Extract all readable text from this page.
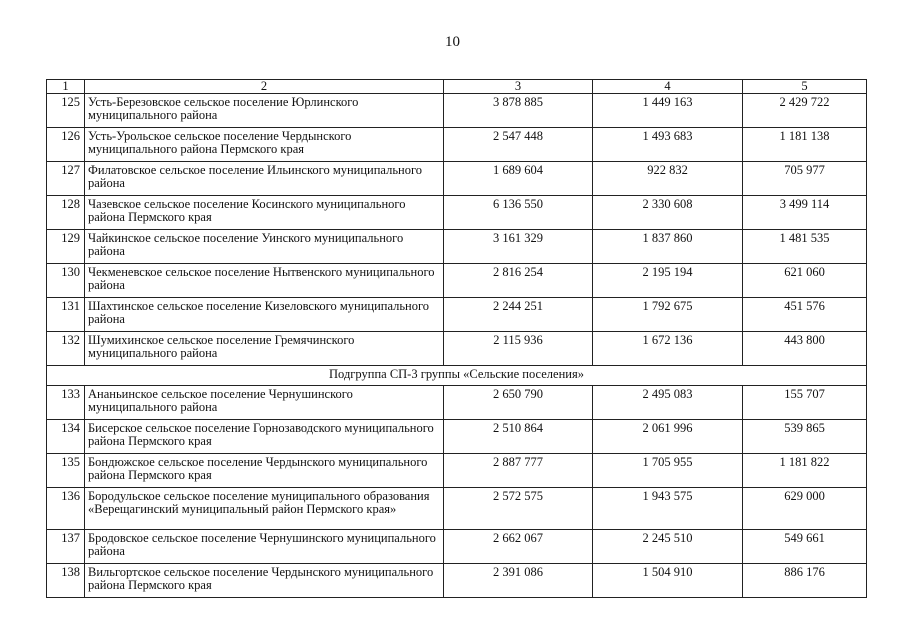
10
1	2	3	4	5
125	Усть-Березовское сельское поселение Юрлинского муниципального района	3 878 885	1 449 163	2 429 722
126	Усть-Урольское сельское поселение Чердынского муниципального района Пермского края	2 547 448	1 493 683	1 181 138
127	Филатовское сельское поселение Ильинского муниципального района	1 689 604	922 832	705 977
128	Чазевское сельское поселение Косинского муниципального района Пермского края	6 136 550	2 330 608	3 499 114
129	Чайкинское сельское поселение Уинского муниципального района	3 161 329	1 837 860	1 481 535
130	Чекменевское сельское поселение Нытвенского муниципального района	2 816 254	2 195 194	621 060
131	Шахтинское сельское поселение Кизеловского муниципального района	2 244 251	1 792 675	451 576
132	Шумихинское сельское поселение Гремячинского муниципального района	2 115 936	1 672 136	443 800
Подгруппа СП-3 группы «Сельские поселения»				
133	Ананьинское сельское поселение Чернушинского муниципального района	2 650 790	2 495 083	155 707
134	Бисерское сельское поселение Горнозаводского муниципального района Пермского края	2 510 864	2 061 996	539 865
135	Бондюжское сельское поселение Чердынского муниципального района Пермского края	2 887 777	1 705 955	1 181 822
136	Бородульское сельское поселение муниципального образования «Верещагинский муниципальный район Пермского края»	2 572 575	1 943 575	629 000
137	Бродовское сельское поселение Чернушинского муниципального района	2 662 067	2 245 510	549 661
138	Вильгортское сельское поселение Чердынского муниципального района Пермского края	2 391 086	1 504 910	886 176
